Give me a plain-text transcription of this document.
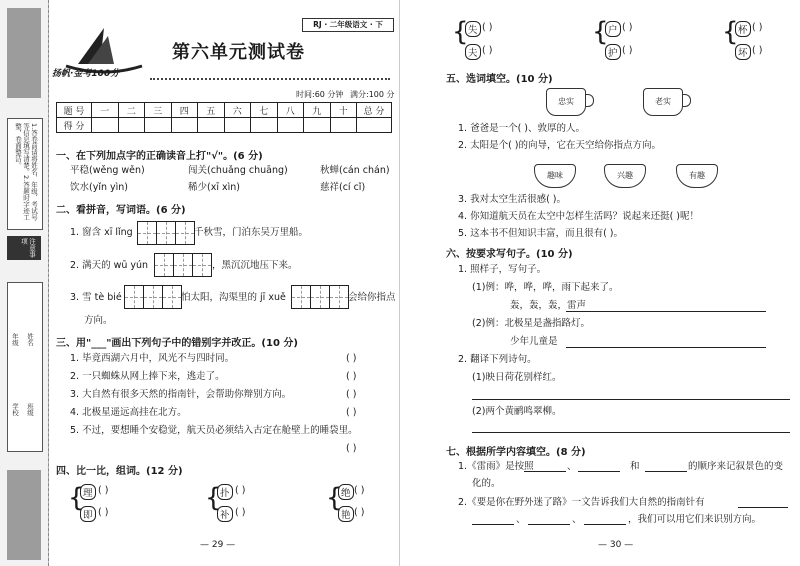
1.答卷前请将姓名、年级、考试号等信息填写清楚。2.答题时字迹工整，卷面整洁。
注意事项
学校
年级
班级
姓名
扬帆·金考100分
第六单元测试卷
RJ · 二年级语文 · 下
时间:60 分钟 满分:100 分
题 号	一	二	三	四	五	六	七	八	九	十	总 分
得 分											
一、在下列加点字的正确读音上打"√"。(6 分)
平稳(wěng wěn)	闯关(chuǎng chuāng)	秋蝉(cán chán)
饮水(yǐn yìn)	稀少(xī xìn)	慈祥(cí cǐ)
二、看拼音，写词语。(6 分)
1. 窗含 xī lǐng	千秋雪，门泊东吴万里船。
2. 满天的 wū yún	，黑沉沉地压下来。
3. 雪 tè bié	怕太阳，沟渠里的 jī xuě	会给你指点
方向。
三、用"___"画出下列句子中的错别字并改正。(10 分)
1. 毕竟西湖六月中，风光不与四时同。	( )
2. 一只蜘蛛从网上捧下来，逃走了。	( )
3. 大自然有很多天然的指南针，会帮助你辩别方向。	( )
4. 北极星遥远高挂在北方。	( )
5. 不过，要想睡个安稳觉，航天员必须结入古定在舱壁上的睡袋里。
( )
四、比一比，组词。(12 分)
{
理
即
( )
( )	{
扑
补
( )
( )	{
绝
艳
( )
( )
— 29 —
{ 失
夫
( )
( )
{ 户
护
( )
( )
{ 杯
坏
( )
( )
五、选词填空。(10 分)
忠实	老实
1. 爸爸是一个( )、敦厚的人。
2. 太阳是个( )的向导，它在天空给你指点方向。
趣味	兴趣	有趣
3. 我对太空生活很感( )。
4. 你知道航天员在太空中怎样生活吗？说起来还挺( )呢！
5. 这本书不但知识丰富，而且很有( )。
六、按要求写句子。(10 分)
1. 照样子，写句子。
(1)例：哗，哗，哗，雨下起来了。
轰，轰，轰，雷声
(2)例：北极星是盏指路灯。
少年儿童是
2. 翻译下列诗句。
(1)映日荷花别样红。
(2)两个黄鹂鸣翠柳。
七、根据所学内容填空。(8 分)
1.《雷雨》是按照	、	和	的顺序来记叙景色的变
化的。
2.《要是你在野外迷了路》一文告诉我们大自然的指南针有
、	、	，我们可以用它们来识别方向。
— 30 —
